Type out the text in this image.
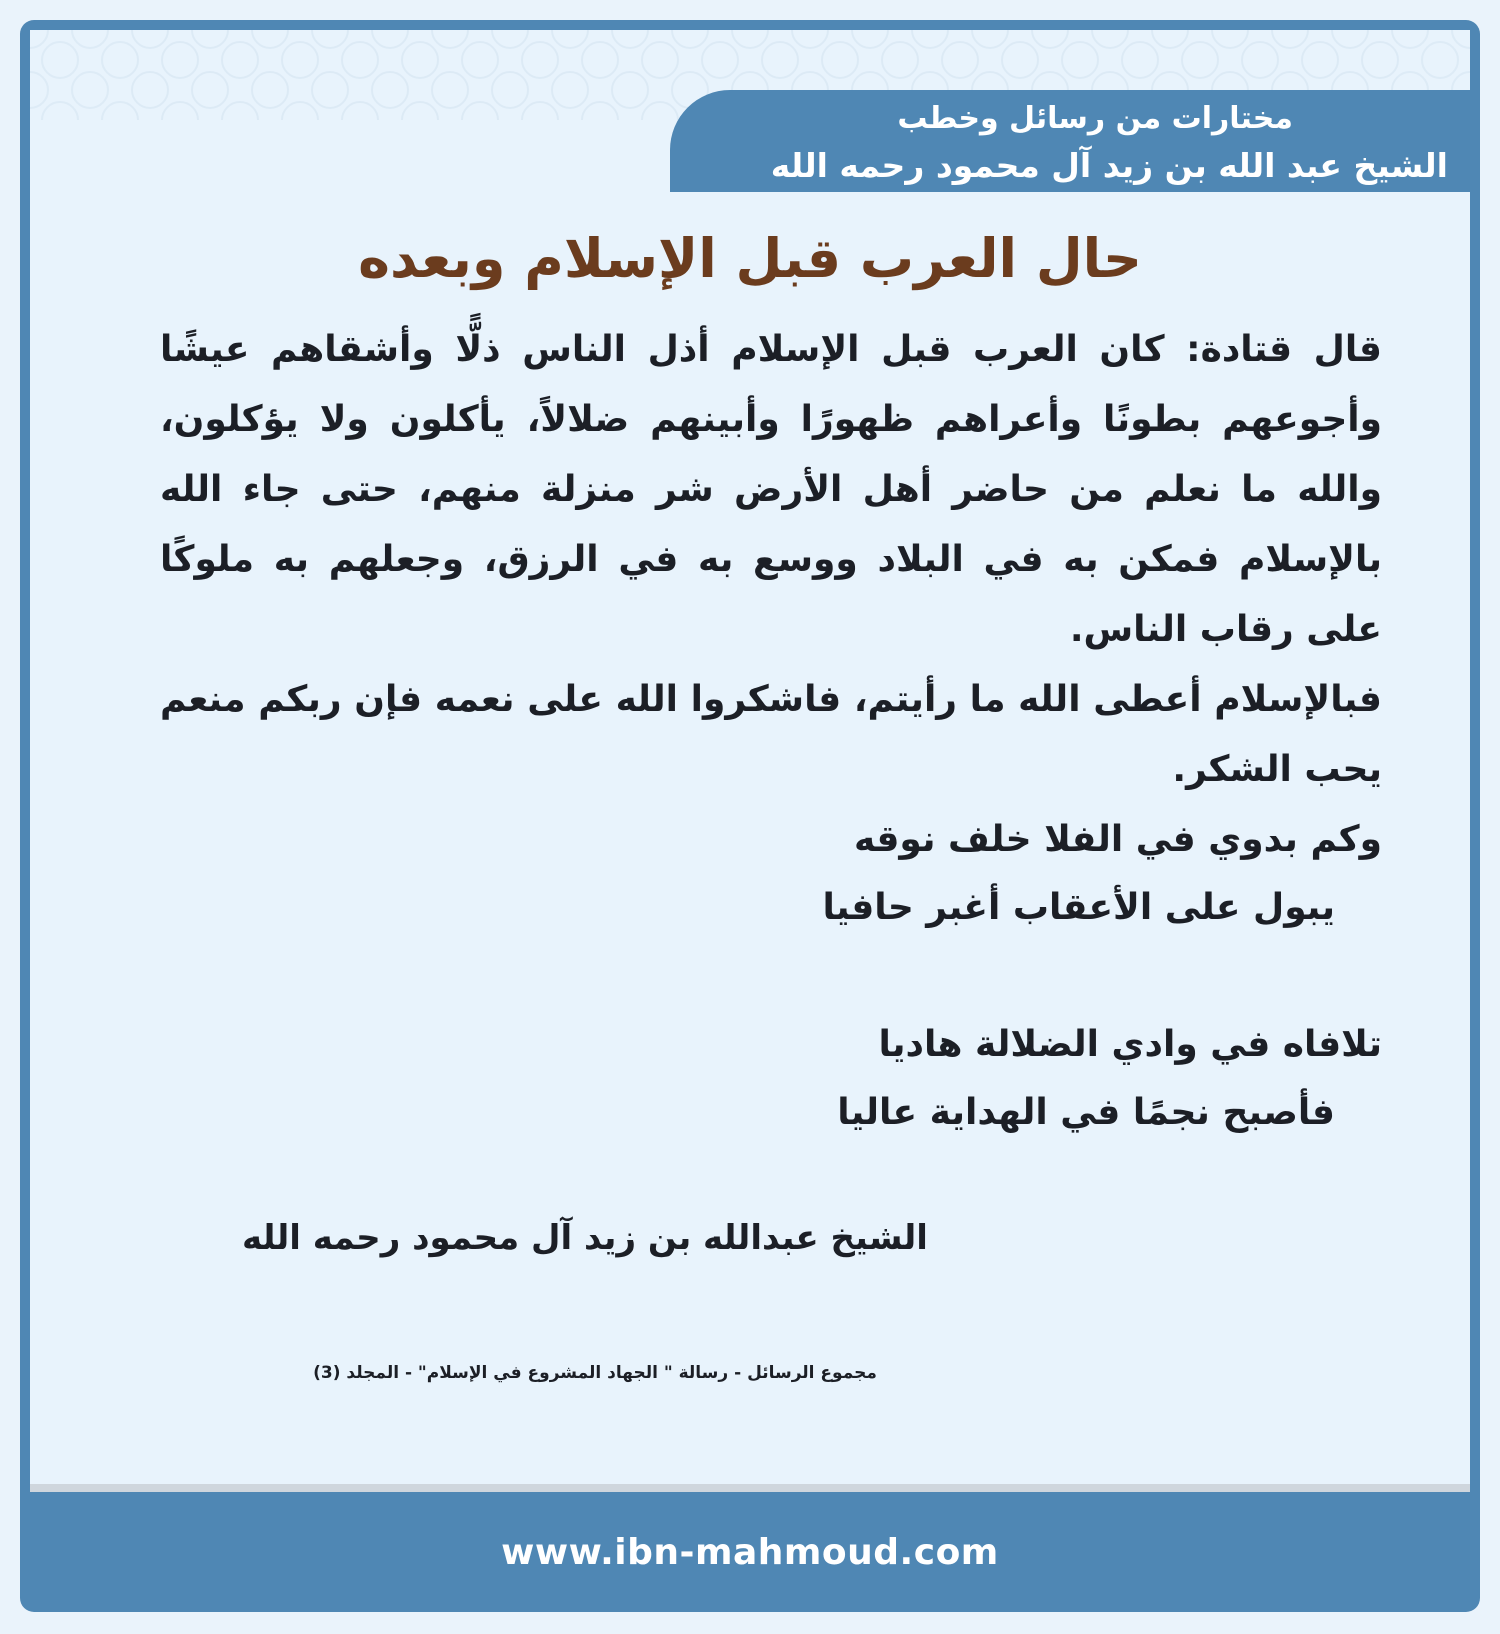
مختارات من رسائل وخطب
الشيخ عبد الله بن زيد آل محمود رحمه الله
حال العرب قبل الإسلام وبعده

قال قتادة: كان العرب قبل الإسلام أذل الناس ذلًّا وأشقاهم عيشًا وأجوعهم بطونًا وأعراهم ظهورًا وأبينهم ضلالاً، يأكلون ولا يؤكلون، والله ما نعلم من حاضر أهل الأرض شر منزلة منهم، حتى جاء الله بالإسلام فمكن به في البلاد ووسع به في الرزق، وجعلهم به ملوكًا على رقاب الناس.

فبالإسلام أعطى الله ما رأيتم، فاشكروا الله على نعمه فإن ربكم منعم يحب الشكر.

وكم بدوي في الفلا خلف نوقه
يبول على الأعقاب أغبر حافيا
تلافاه في وادي الضلالة هاديا
فأصبح نجمًا في الهداية عاليا
الشيخ عبدالله بن زيد آل محمود رحمه الله
مجموع الرسائل - رسالة " الجهاد المشروع في الإسلام" - المجلد (3)
www.ibn-mahmoud.com
